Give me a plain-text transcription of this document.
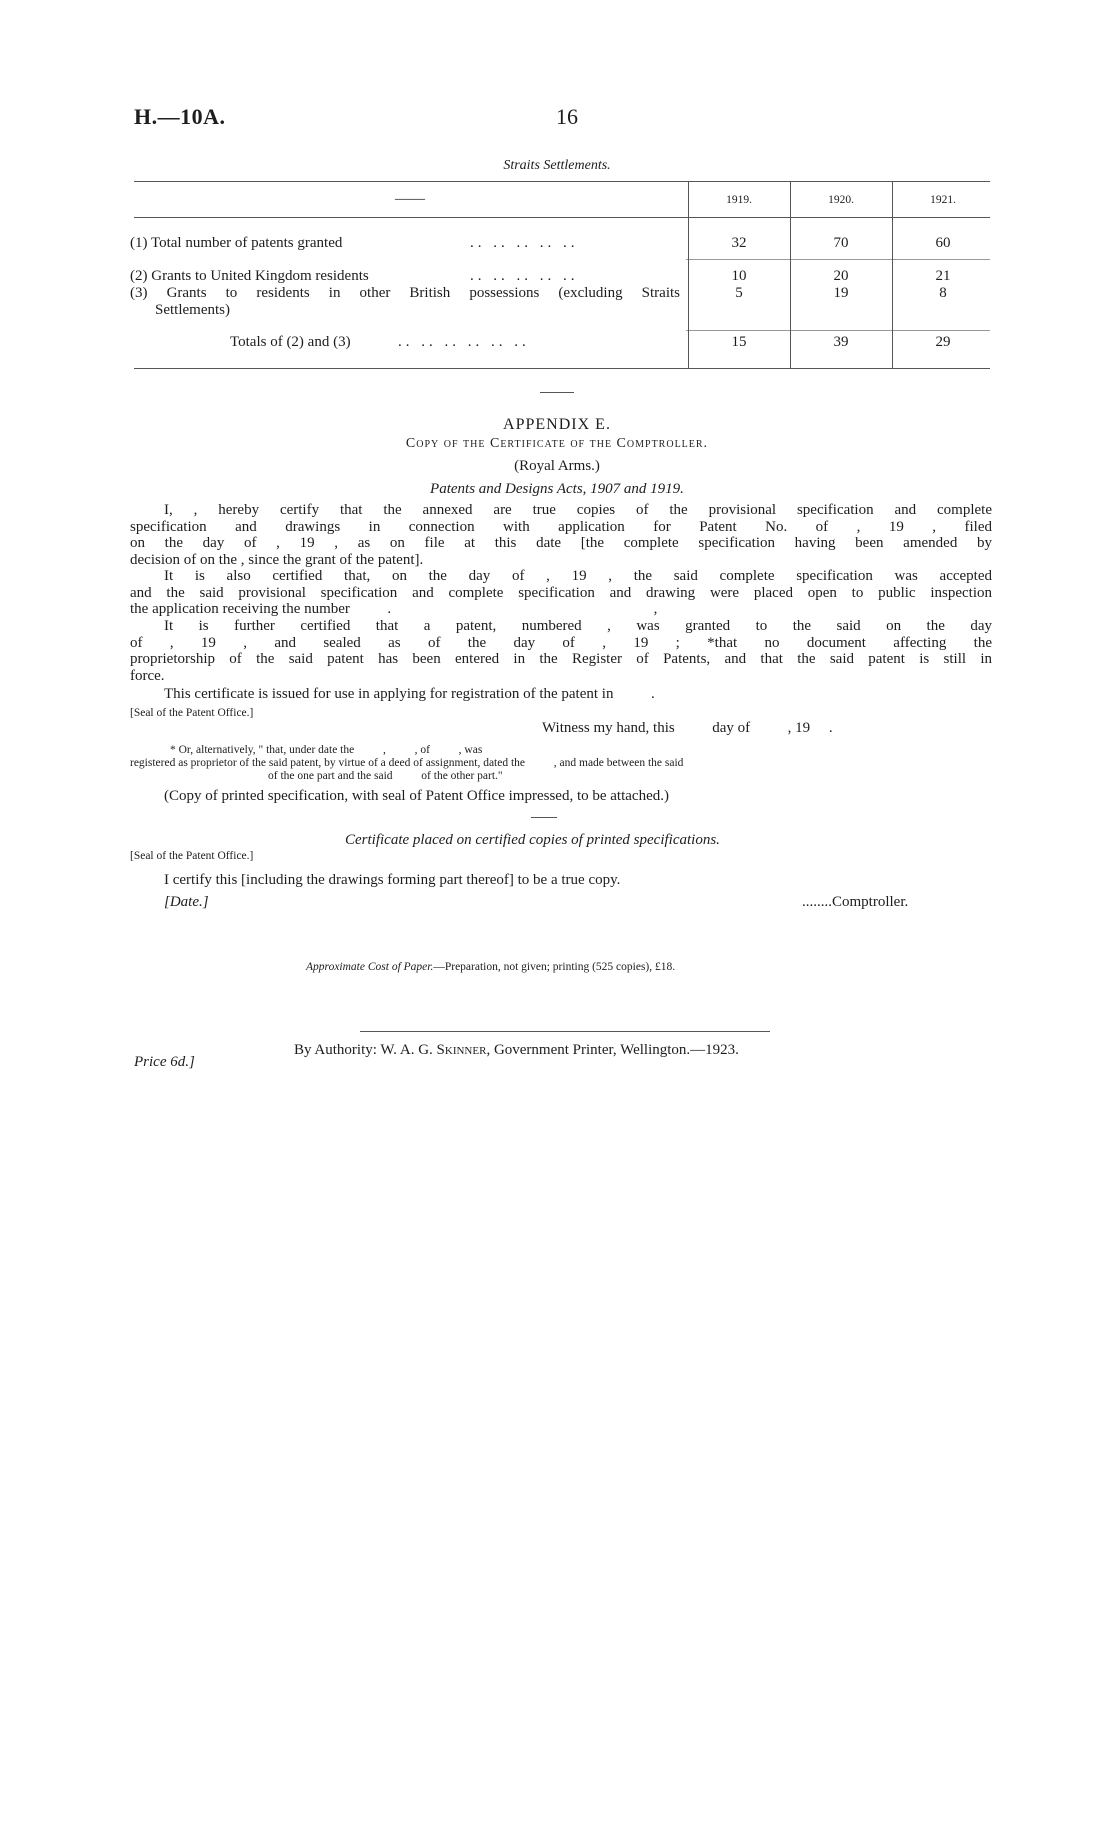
H.—10A.	16
Straits Settlements.
——	1919.	1920.	1921.
(1) Total number of patents granted	.. .. .. .. ..	32	70	60
(2) Grants to United Kingdom residents	.. .. .. .. ..	10	20	21
(3) Grants to residents in other British possessions (excluding Straits
Settlements)
5	19	8
Totals of (2) and (3)	.. .. .. .. .. ..	15	39	29
APPENDIX E.
Copy of the Certificate of the Comptroller.
(Royal Arms.)
Patents and Designs Acts, 1907 and 1919.
I, , hereby certify that the annexed are true copies of the provisional specification and complete
specification and drawings in connection with application for Patent No. of , 19 , filed
on the day of , 19 , as on file at this date [the complete specification having been amended by
decision of on the , since the grant of the patent].
It is also certified that, on the day of , 19 , the said complete specification was accepted
and the said provisional specification and complete specification and drawing were placed open to public inspection
the application receiving the number          .                                                                      ,
It is further certified that a patent, numbered , was granted to the said on the day
of , 19 , and sealed as of the day of , 19 ; *that no document affecting the
proprietorship of the said patent has been entered in the Register of Patents, and that the said patent is still in
force.
This certificate is issued for use in applying for registration of the patent in          .
[Seal of the Patent Office.]
Witness my hand, this          day of          , 19     .
* Or, alternatively, " that, under date the          ,          , of          , was
registered as proprietor of the said patent, by virtue of a deed of assignment, dated the          , and made between the said
of the one part and the said          of the other part."
(Copy of printed specification, with seal of Patent Office impressed, to be attached.)
Certificate placed on certified copies of printed specifications.
[Seal of the Patent Office.]
I certify this [including the drawings forming part thereof] to be a true copy.
[Date.]	........Comptroller.
Approximate Cost of Paper.—Preparation, not given; printing (525 copies), £18.
By Authority: W. A. G. Skinner, Government Printer, Wellington.—1923.
Price 6d.]
